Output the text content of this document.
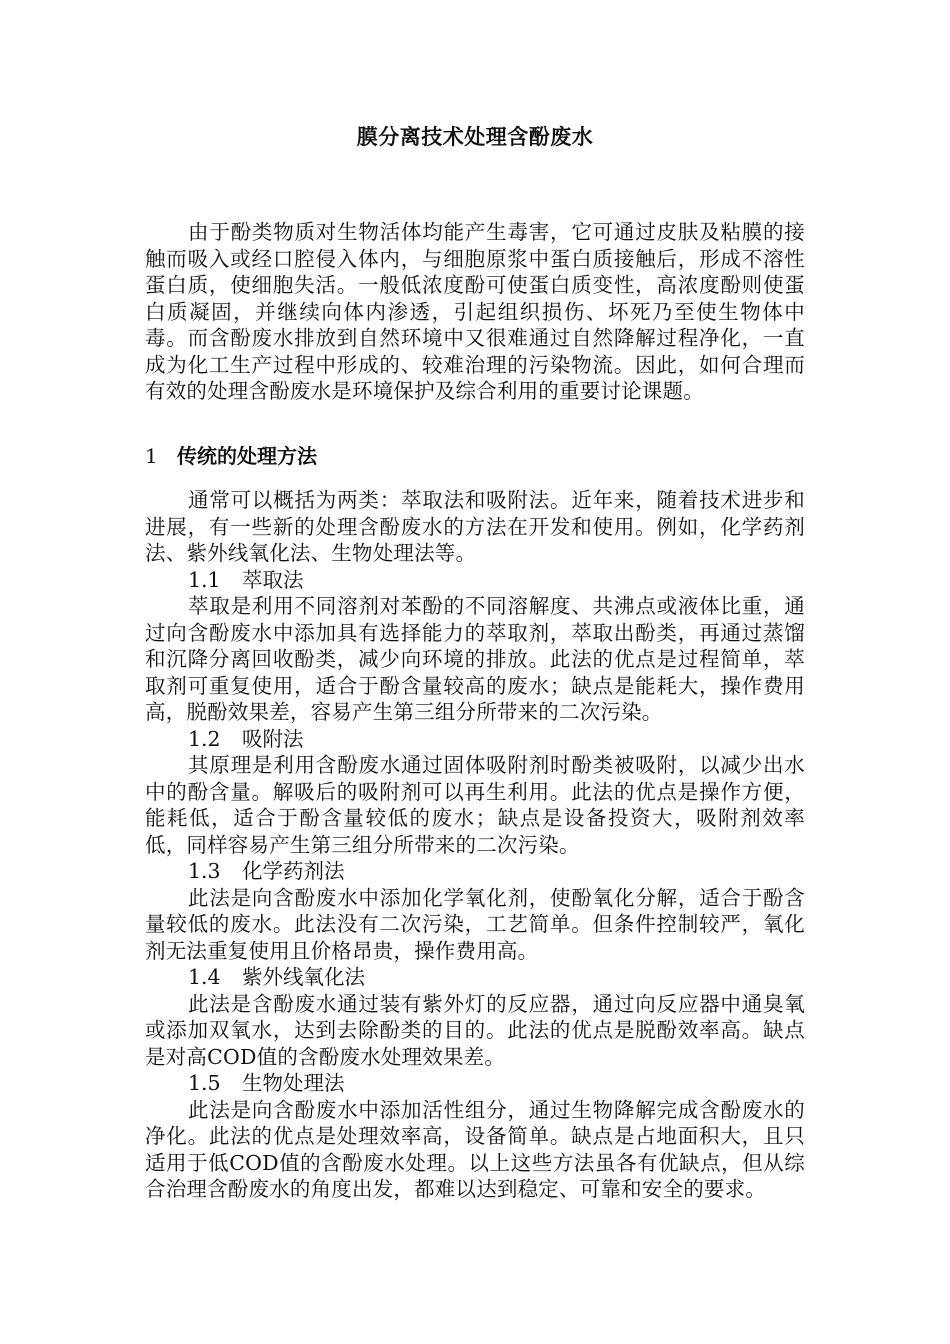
膜分离技术处理含酚废水

由于酚类物质对生物活体均能产生毒害，它可通过皮肤及粘膜的接触而吸入或经口腔侵入体内，与细胞原浆中蛋白质接触后，形成不溶性蛋白质，使细胞失活。一般低浓度酚可使蛋白质变性，高浓度酚则使蛋白质凝固，并继续向体内渗透，引起组织损伤、坏死乃至使生物体中毒。而含酚废水排放到自然环境中又很难通过自然降解过程净化，一直成为化工生产过程中形成的、较难治理的污染物流。因此，如何合理而有效的处理含酚废水是环境保护及综合利用的重要讨论课题。

1 传统的处理方法

通常可以概括为两类：萃取法和吸附法。近年来，随着技术进步和进展，有一些新的处理含酚废水的方法在开发和使用。例如，化学药剂法、紫外线氧化法、生物处理法等。

1.1 萃取法

萃取是利用不同溶剂对苯酚的不同溶解度、共沸点或液体比重，通过向含酚废水中添加具有选择能力的萃取剂，萃取出酚类，再通过蒸馏和沉降分离回收酚类，减少向环境的排放。此法的优点是过程简单，萃取剂可重复使用，适合于酚含量较高的废水；缺点是能耗大，操作费用高，脱酚效果差，容易产生第三组分所带来的二次污染。

1.2 吸附法

其原理是利用含酚废水通过固体吸附剂时酚类被吸附，以减少出水中的酚含量。解吸后的吸附剂可以再生利用。此法的优点是操作方便，能耗低，适合于酚含量较低的废水；缺点是设备投资大，吸附剂效率低，同样容易产生第三组分所带来的二次污染。

1.3 化学药剂法

此法是向含酚废水中添加化学氧化剂，使酚氧化分解，适合于酚含量较低的废水。此法没有二次污染，工艺简单。但条件控制较严，氧化剂无法重复使用且价格昂贵，操作费用高。

1.4 紫外线氧化法

此法是含酚废水通过装有紫外灯的反应器，通过向反应器中通臭氧或添加双氧水，达到去除酚类的目的。此法的优点是脱酚效率高。缺点是对高COD值的含酚废水处理效果差。

1.5 生物处理法

此法是向含酚废水中添加活性组分，通过生物降解完成含酚废水的净化。此法的优点是处理效率高，设备简单。缺点是占地面积大，且只适用于低COD值的含酚废水处理。以上这些方法虽各有优缺点，但从综合治理含酚废水的角度出发，都难以达到稳定、可靠和安全的要求。
